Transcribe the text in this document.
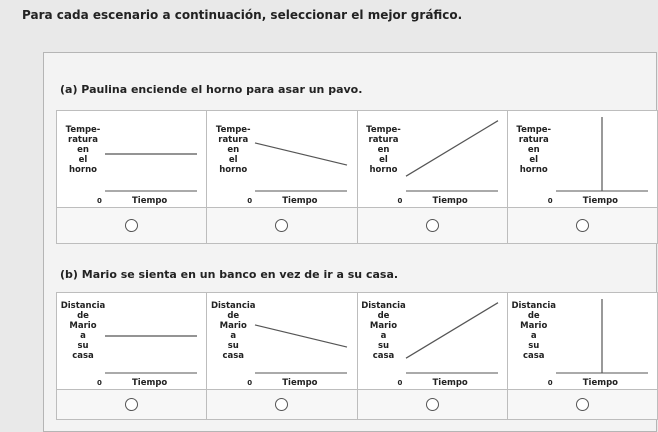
Para cada escenario a continuación, seleccionar el mejor gráfico.
(a) Paulina enciende el horno para asar un pavo.
Tempe-
ratura
en
el
horno
0	Tiempo
Tempe-
ratura
en
el
horno
0	Tiempo
Tempe-
ratura
en
el
horno
0	Tiempo
Tempe-
ratura
en
el
horno
0	Tiempo
(b) Mario se sienta en un banco en vez de ir a su casa.
Distancia
de
Mario
a
su
casa
0	Tiempo
Distancia
de
Mario
a
su
casa
0	Tiempo
Distancia
de
Mario
a
su
casa
0	Tiempo
Distancia
de
Mario
a
su
casa
0	Tiempo
